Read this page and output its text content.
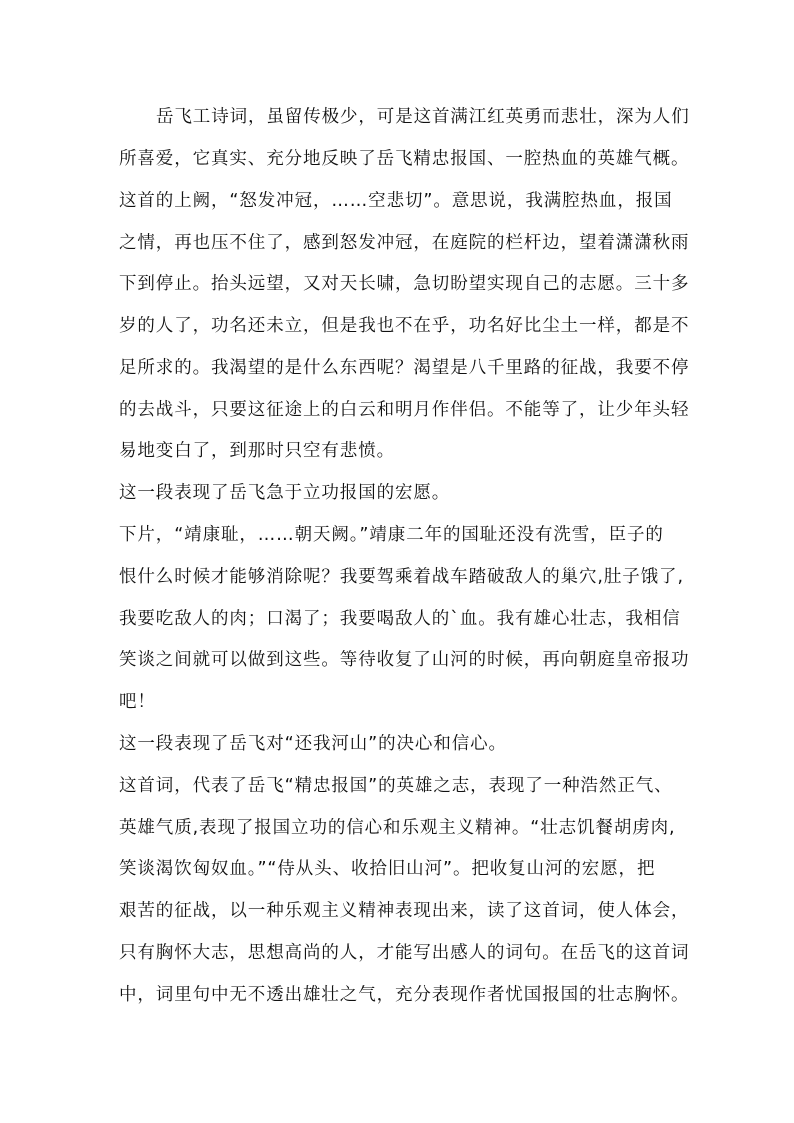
岳飞工诗词，虽留传极少，可是这首满江红英勇而悲壮，深为人们

所喜爱，它真实、充分地反映了岳飞精忠报国、一腔热血的英雄气概。

这首的上阙，“怒发冲冠，……空悲切”。意思说，我满腔热血，报国

之情，再也压不住了，感到怒发冲冠，在庭院的栏杆边，望着潇潇秋雨

下到停止。抬头远望，又对天长啸，急切盼望实现自己的志愿。三十多

岁的人了，功名还未立，但是我也不在乎，功名好比尘土一样，都是不

足所求的。我渴望的是什么东西呢？渴望是八千里路的征战，我要不停

的去战斗，只要这征途上的白云和明月作伴侣。不能等了，让少年头轻

易地变白了，到那时只空有悲愤。

这一段表现了岳飞急于立功报国的宏愿。

下片，“靖康耻，……朝天阙。”靖康二年的国耻还没有洗雪，臣子的

恨什么时候才能够消除呢？我要驾乘着战车踏破敌人的巢穴,肚子饿了,

我要吃敌人的肉；口渴了；我要喝敌人的`血。我有雄心壮志，我相信

笑谈之间就可以做到这些。等待收复了山河的时候，再向朝庭皇帝报功

吧！

这一段表现了岳飞对“还我河山”的决心和信心。

这首词，代表了岳飞“精忠报国”的英雄之志，表现了一种浩然正气、

英雄气质,表现了报国立功的信心和乐观主义精神。“壮志饥餐胡虏肉,

笑谈渴饮匈奴血。”“侍从头、收拾旧山河”。把收复山河的宏愿，把

艰苦的征战，以一种乐观主义精神表现出来，读了这首词，使人体会，

只有胸怀大志，思想高尚的人，才能写出感人的词句。在岳飞的这首词

中，词里句中无不透出雄壮之气，充分表现作者忧国报国的壮志胸怀。
